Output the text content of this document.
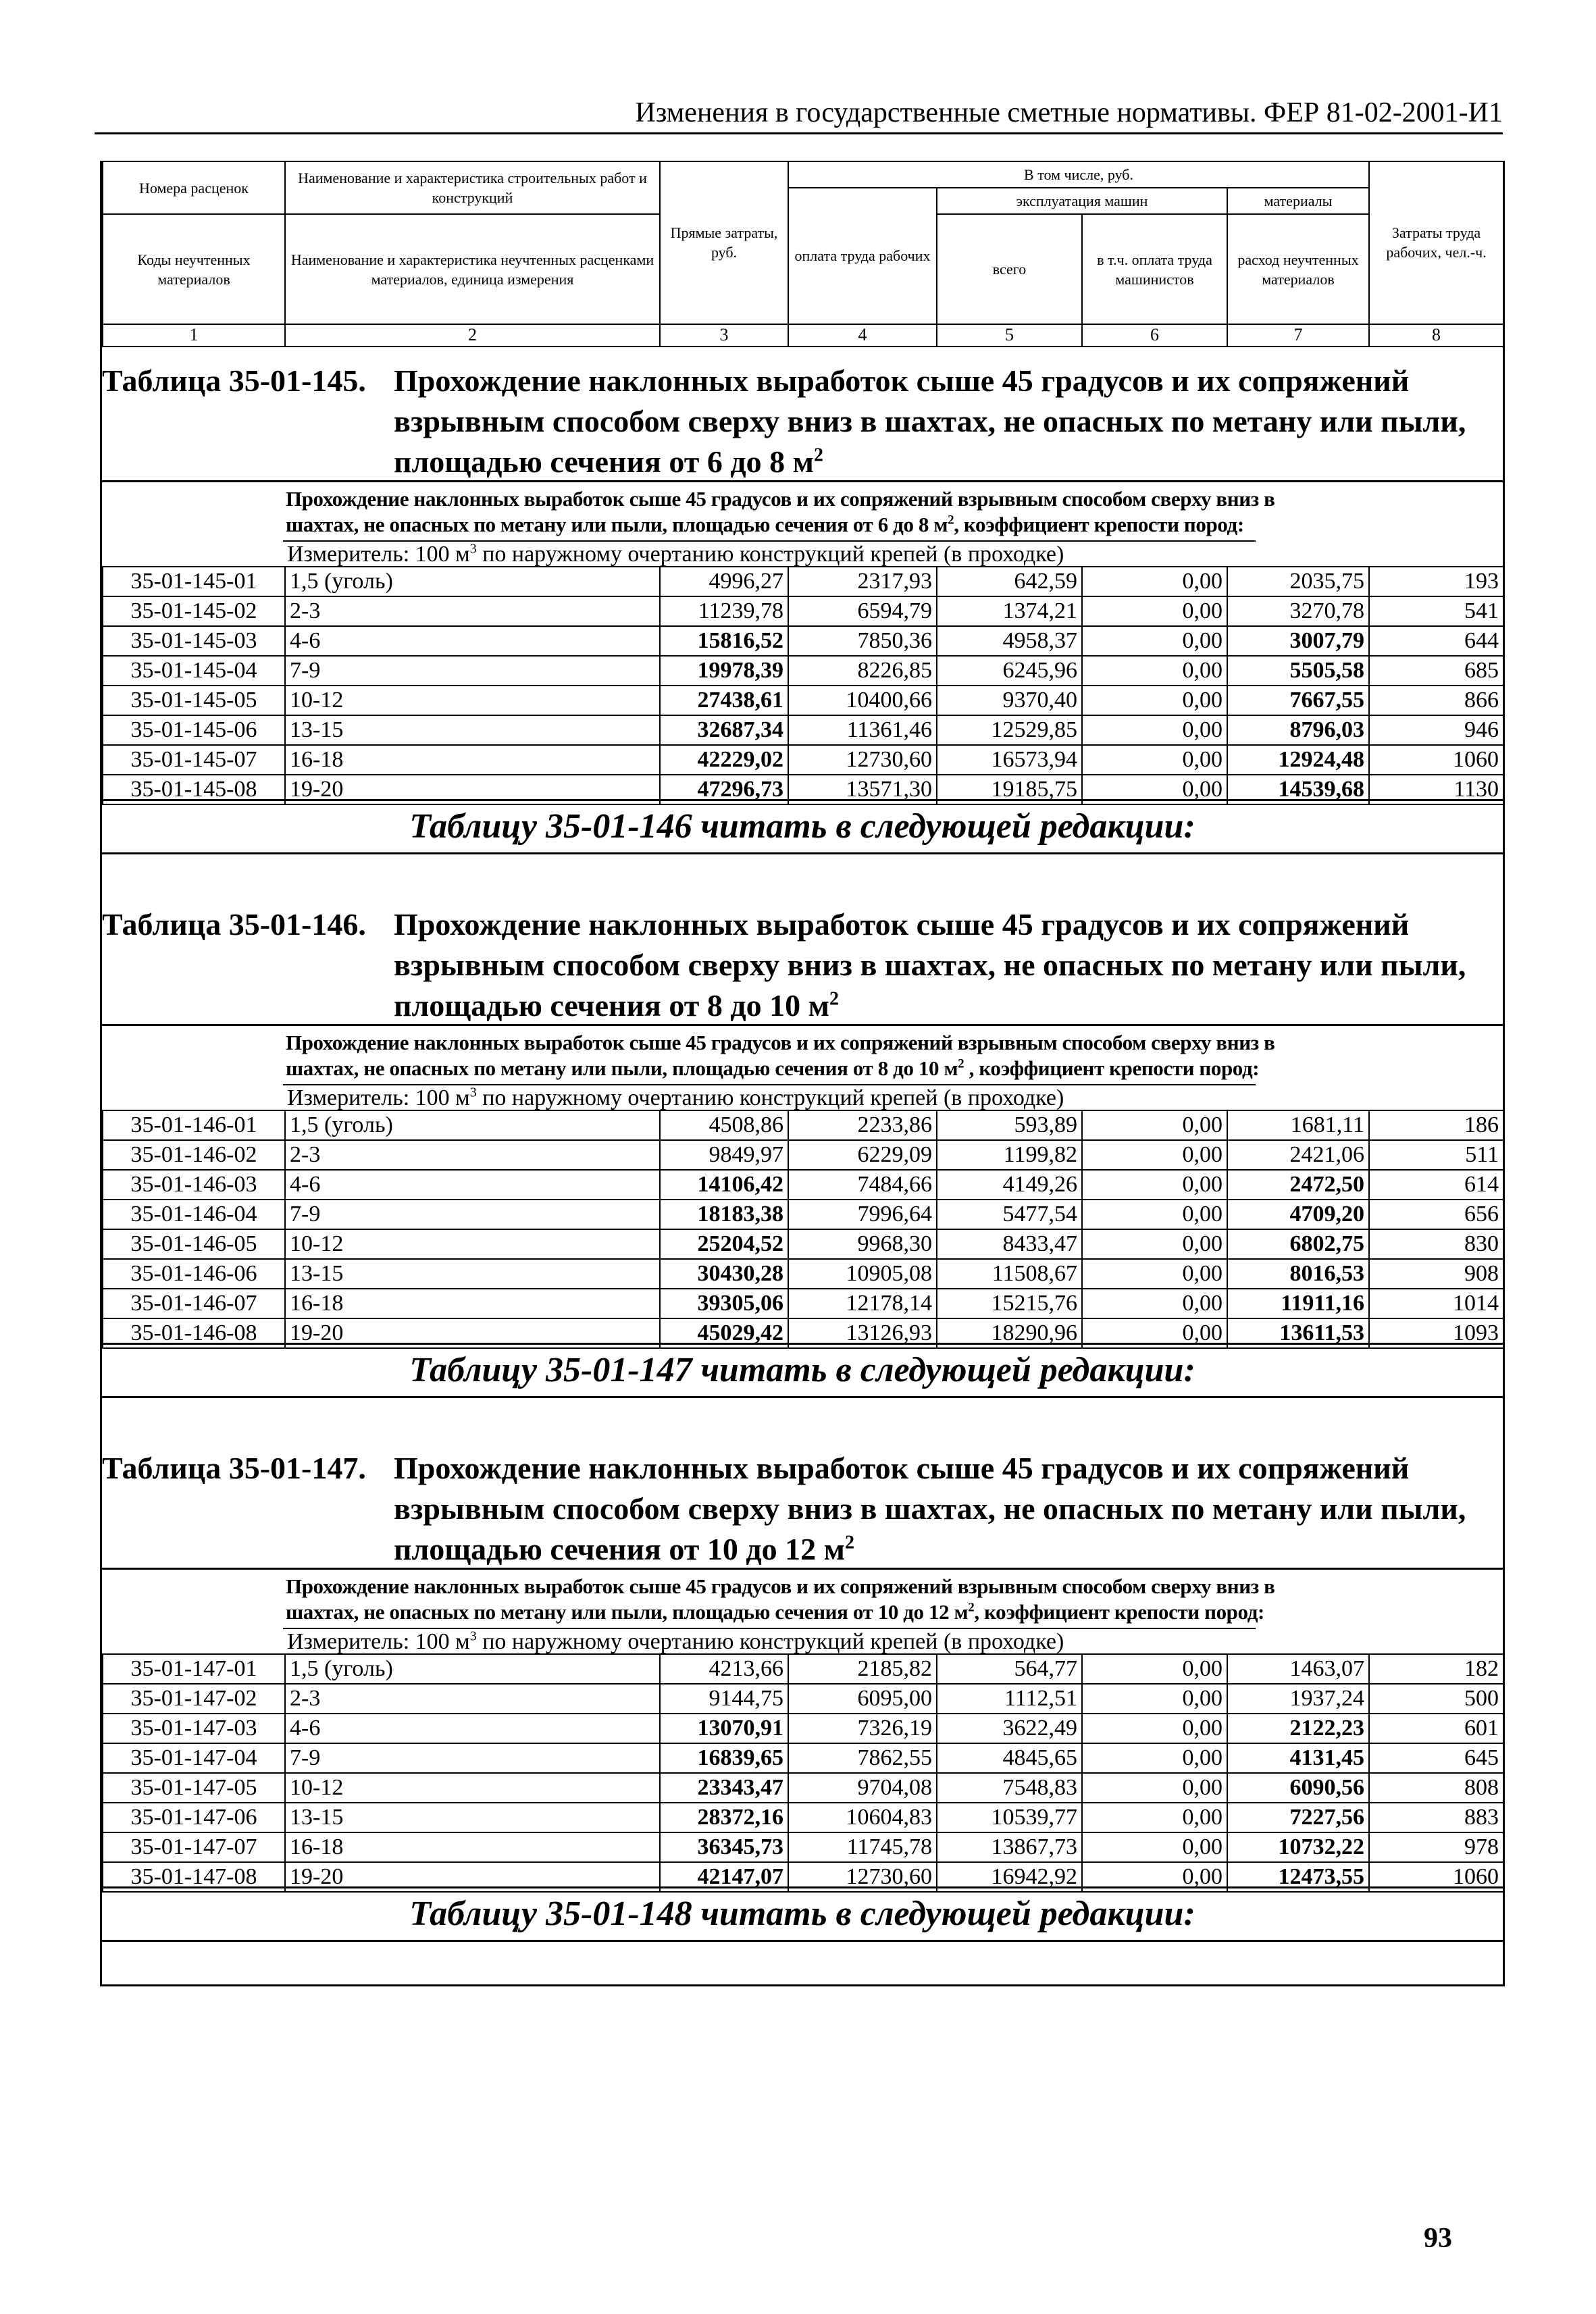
Изменения в государственные сметные нормативы. ФЕР 81-02-2001-И1
Номера расценок	Наименование и характеристика строительных работ и конструкций	Прямые затраты, руб.	В том числе, руб.				Затраты труда рабочих, чел.-ч.
			оплата труда рабочих	эксплуатация машин		материалы	
Коды неучтенных материалов	Наименование и характеристика неучтенных расценками материалов, единица измерения			всего	в т.ч. оплата труда машинистов	расход неучтенных материалов	
1	2	3	4	5	6	7	8
Таблица 35-01-145. Прохождение наклонных выработок сыше 45 градусов и их сопряжений взрывным способом сверху вниз в шахтах, не опасных по метану или пыли, площадью сечения от 6 до 8 $м^2$
Прохождение наклонных выработок сыше 45 градусов и их сопряжений взрывным способом сверху вниз в
шахтах, не опасных по метану или пыли, площадью сечения от 6 до 8 $м^2$, коэффициент крепости пород:
Измеритель: 100 $м^3$ по наружному очертанию конструкций крепей (в проходке)
35-01-145-01	1,5 (уголь)	4996,27	2317,93	642,59	0,00	2035,75	193
35-01-145-02	2-3	11239,78	6594,79	1374,21	0,00	3270,78	541
35-01-145-03	4-6	15816,52	7850,36	4958,37	0,00	3007,79	644
35-01-145-04	7-9	19978,39	8226,85	6245,96	0,00	5505,58	685
35-01-145-05	10-12	27438,61	10400,66	9370,40	0,00	7667,55	866
35-01-145-06	13-15	32687,34	11361,46	12529,85	0,00	8796,03	946
35-01-145-07	16-18	42229,02	12730,60	16573,94	0,00	12924,48	1060
35-01-145-08	19-20	47296,73	13571,30	19185,75	0,00	14539,68	1130
Таблицу 35-01-146 читать в следующей редакции:
Таблица 35-01-146. Прохождение наклонных выработок сыше 45 градусов и их сопряжений взрывным способом сверху вниз в шахтах, не опасных по метану или пыли, площадью сечения от 8 до 10 $м^2$
Прохождение наклонных выработок сыше 45 градусов и их сопряжений взрывным способом сверху вниз в
шахтах, не опасных по метану или пыли, площадью сечения от 8 до 10 $м^2$ , коэффициент крепости пород:
Измеритель: 100 $м^3$ по наружному очертанию конструкций крепей (в проходке)
35-01-146-01	1,5 (уголь)	4508,86	2233,86	593,89	0,00	1681,11	186
35-01-146-02	2-3	9849,97	6229,09	1199,82	0,00	2421,06	511
35-01-146-03	4-6	14106,42	7484,66	4149,26	0,00	2472,50	614
35-01-146-04	7-9	18183,38	7996,64	5477,54	0,00	4709,20	656
35-01-146-05	10-12	25204,52	9968,30	8433,47	0,00	6802,75	830
35-01-146-06	13-15	30430,28	10905,08	11508,67	0,00	8016,53	908
35-01-146-07	16-18	39305,06	12178,14	15215,76	0,00	11911,16	1014
35-01-146-08	19-20	45029,42	13126,93	18290,96	0,00	13611,53	1093
Таблицу 35-01-147 читать в следующей редакции:
Таблица 35-01-147. Прохождение наклонных выработок сыше 45 градусов и их сопряжений взрывным способом сверху вниз в шахтах, не опасных по метану или пыли, площадью сечения от 10 до 12 $м^2$
Прохождение наклонных выработок сыше 45 градусов и их сопряжений взрывным способом сверху вниз в
шахтах, не опасных по метану или пыли, площадью сечения от 10 до 12 $м^2$, коэффициент крепости пород:
Измеритель: 100 $м^3$ по наружному очертанию конструкций крепей (в проходке)
35-01-147-01	1,5 (уголь)	4213,66	2185,82	564,77	0,00	1463,07	182
35-01-147-02	2-3	9144,75	6095,00	1112,51	0,00	1937,24	500
35-01-147-03	4-6	13070,91	7326,19	3622,49	0,00	2122,23	601
35-01-147-04	7-9	16839,65	7862,55	4845,65	0,00	4131,45	645
35-01-147-05	10-12	23343,47	9704,08	7548,83	0,00	6090,56	808
35-01-147-06	13-15	28372,16	10604,83	10539,77	0,00	7227,56	883
35-01-147-07	16-18	36345,73	11745,78	13867,73	0,00	10732,22	978
35-01-147-08	19-20	42147,07	12730,60	16942,92	0,00	12473,55	1060
Таблицу 35-01-148 читать в следующей редакции:
93
